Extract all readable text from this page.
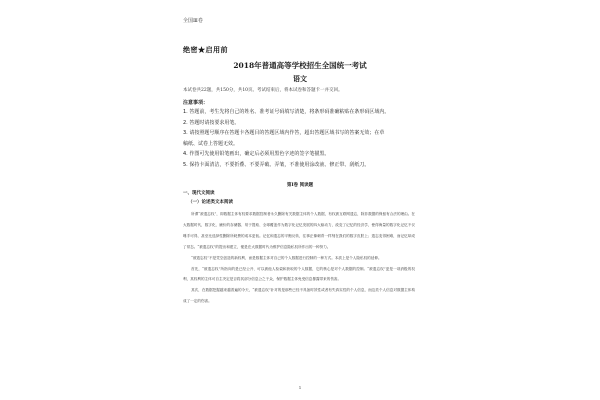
全国Ⅲ卷
绝密★启用前
2018年普通高等学校招生全国统一考试
语文
本试卷共22题，共150分，共10页。考试结束后，将本试卷和答题卡一并交回。
注意事项：
1. 答题前，考生先将自己的姓名、准考证号码填写清楚，将条形码准确粘贴在条形码区域内。
2. 答题时请按要求用笔。
3. 请按照题号顺序在答题卡各题目的答题区域内作答，超出答题区域书写的答案无效；在草
稿纸、试卷上答题无效。
4. 作图可先使用铅笔画出，确定后必须用黑色字迹的签字笔描黑。
5. 保持卡面清洁，不要折叠、不要弄破、弄皱，不准使用涂改液、修正带、刮纸刀。
第Ⅰ卷 阅读题
一、现代文阅读
（一）论述类文本阅读

所谓“被遗忘权”，即数据主体有权要求数据控制者永久删除有关数据主体的个人数据，有权被互联网遗忘，除非数据的保留有合法的理由。在大数据时代，数字化、廉价的存储器、易于提取、全球覆盖作为数字化记忆发展的四大驱动力，改变了记忆的经济学，使得海量的数字化记忆不仅唾手可得，甚至比选择性删除所耗费的成本更低。记忆和遗忘的平衡反转，往事正像刺青一样刻在我们的数字皮肤上；遗忘变得困难，而记忆却成了常态。“被遗忘权”的提出和建立，便是在大数据时代为维护信息隐私权所作出的一种努力。

“被遗忘权”不是凭空创造的新权利，而是数据主体对自己的个人数据进行控制的一种方式。本质上是个人隐私权的延伸。

首先，“被遗忘权”所指向的是已经公开、可以被他人检索和获取的个人数据，它的核心是对个人数据的控制。“被遗忘权”更是一项消极的权利，其权利的主体可自主决定是否将其部分信息公之于众，保护数据主体免受信息暴露带来的伤害。

其次，在数据挖掘越来越普遍的今天，“被遗忘权”针对的是那些已经不具备时效性或者有失真实性的个人信息，而这类个人信息对数据主体构成了一定的伤害。

1
